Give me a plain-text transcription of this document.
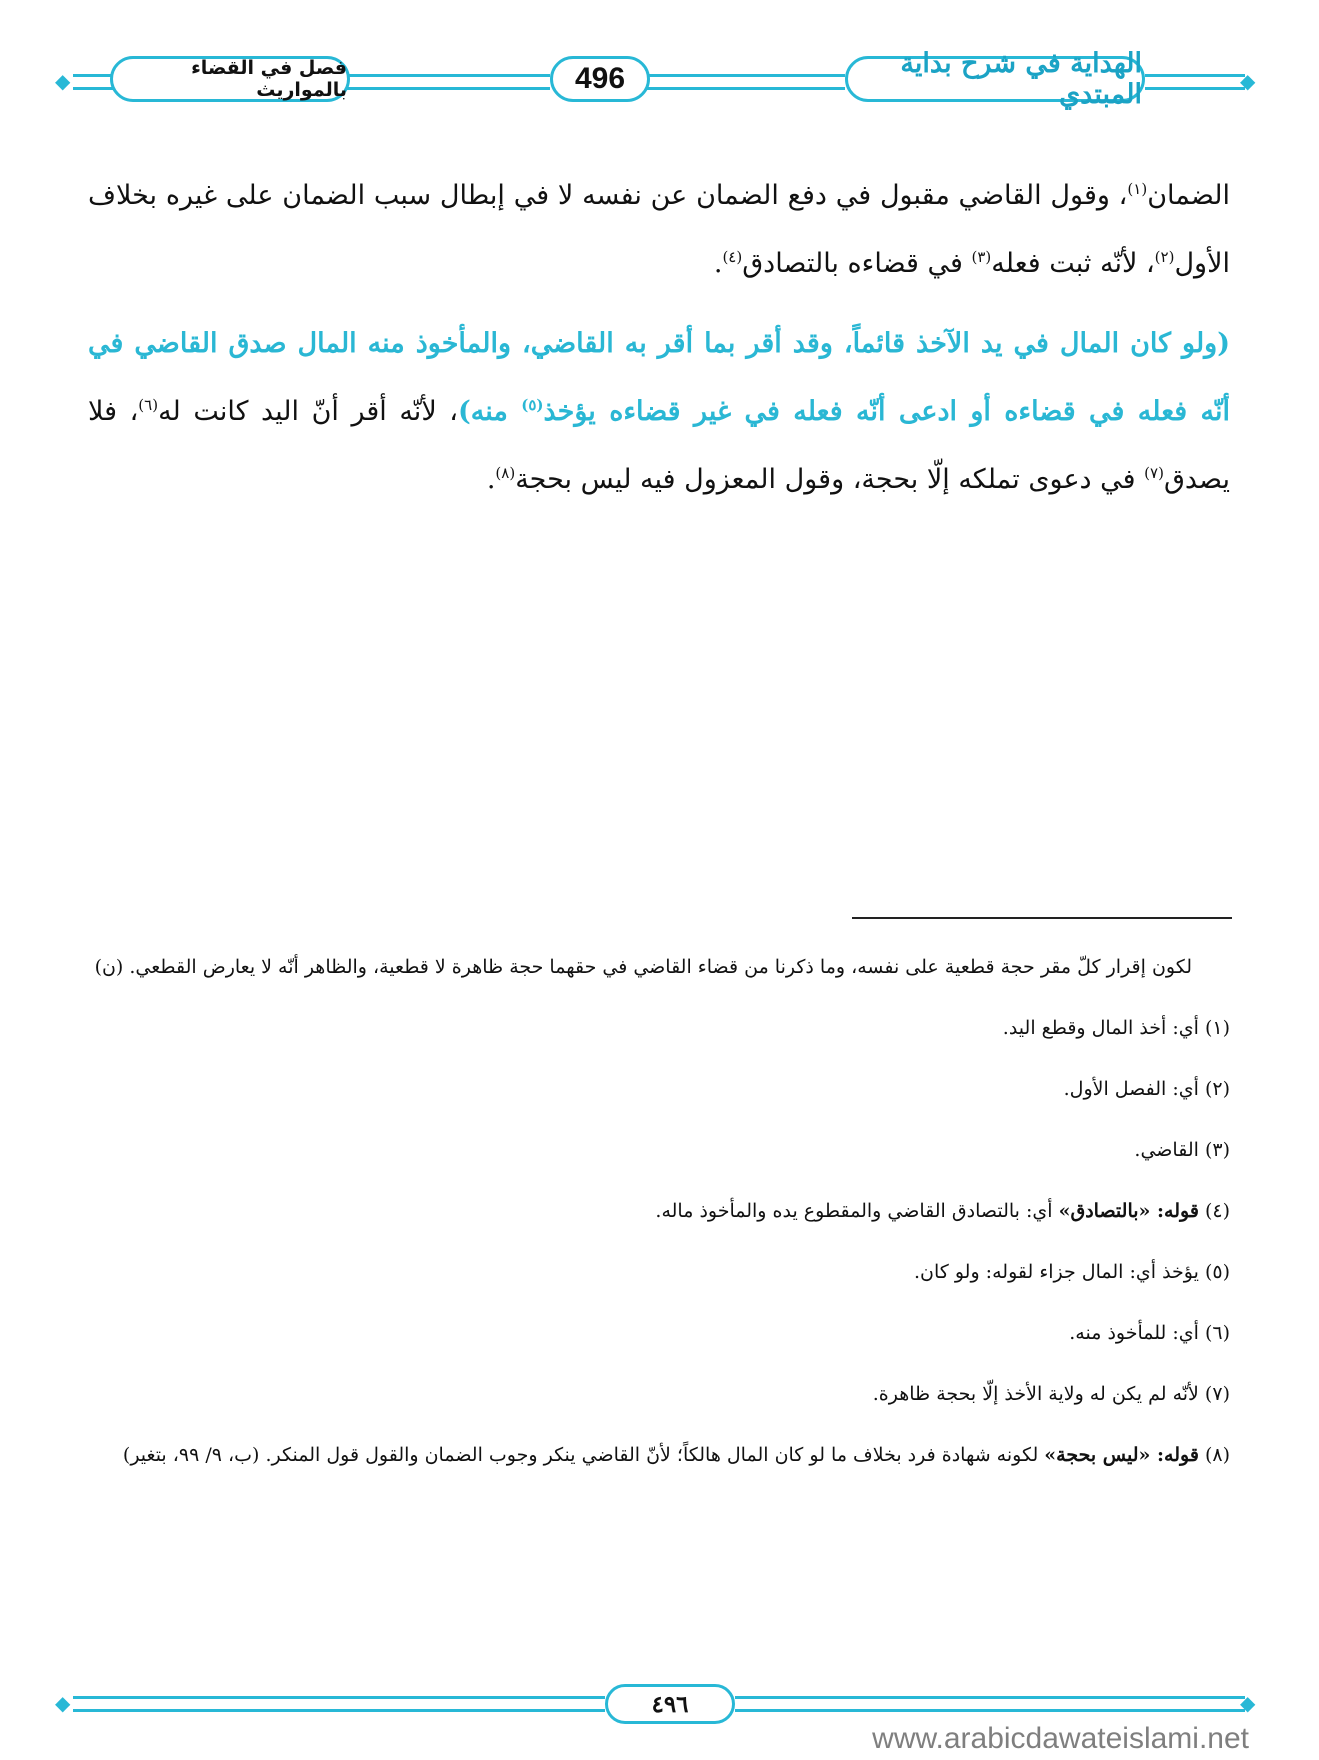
◆	◆
فصل في القضاء بالمواريث	496	الهداية في شرح بداية المبتدي

الضمان$^{(١)}$، وقول القاضي مقبول في دفع الضمان عن نفسه لا في إبطال سبب الضمان على غيره بخلاف الأول$^{(٢)}$، لأنّه ثبت فعله$^{(٣)}$ في قضاءه بالتصادق$^{(٤)}$.

(ولو كان المال في يد الآخذ قائماً، وقد أقر بما أقر به القاضي، والمأخوذ منه المال صدق القاضي في أنّه فعله في قضاءه أو ادعى أنّه فعله في غير قضاءه يؤخذ$^{(٥)}$ منه)، لأنّه أقر أنّ اليد كانت له$^{(٦)}$، فلا يصدق$^{(٧)}$ في دعوى تملكه إلّا بحجة، وقول المعزول فيه ليس بحجة$^{(٨)}$.

لكون إقرار كلّ مقر حجة قطعية على نفسه، وما ذكرنا من قضاء القاضي في حقهما حجة ظاهرة لا قطعية، والظاهر أنّه لا يعارض القطعي. (ن)

(١) أي: أخذ المال وقطع اليد.

(٢) أي: الفصل الأول.

(٣) القاضي.

(٤) قوله: «بالتصادق» أي: بالتصادق القاضي والمقطوع يده والمأخوذ ماله.

(٥) يؤخذ أي: المال جزاء لقوله: ولو كان.

(٦) أي: للمأخوذ منه.

(٧) لأنّه لم يكن له ولاية الأخذ إلّا بحجة ظاهرة.

(٨) قوله: «ليس بحجة» لكونه شهادة فرد بخلاف ما لو كان المال هالكاً؛ لأنّ القاضي ينكر وجوب الضمان والقول قول المنكر. (ب، ٩/ ٩٩، بتغير)

◆	◆
٤٩٦
www.arabicdawateislami.net
